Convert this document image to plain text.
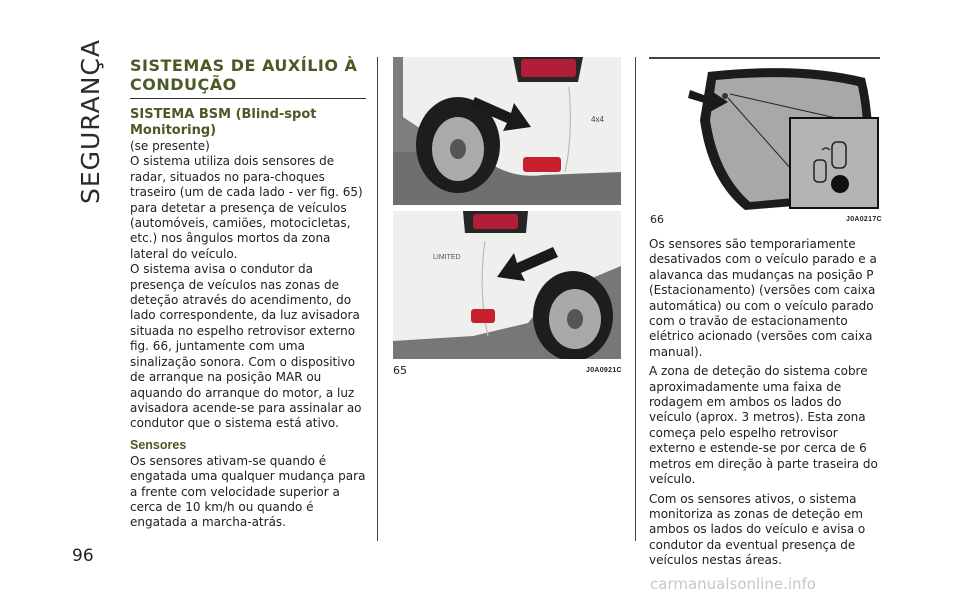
SEGURANÇA
96
SISTEMAS DE AUXÍLIO À CONDUÇÃO
SISTEMA BSM (Blind-spot Monitoring)

(se presente)

O sistema utiliza dois sensores de radar, situados no para-choques traseiro (um de cada lado - ver fig. 65) para detetar a presença de veículos (automóveis, camiões, motocicletas, etc.) nos ângulos mortos da zona lateral do veículo.

O sistema avisa o condutor da presença de veículos nas zonas de deteção através do acendimento, do lado correspondente, da luz avisadora situada no espelho retrovisor externo fig. 66, juntamente com uma sinalização sonora. Com o dispositivo de arranque na posição MAR ou aquando do arranque do motor, a luz avisadora acende-se para assinalar ao condutor que o sistema está ativo.

Sensores

Os sensores ativam-se quando é engatada uma qualquer mudança para a frente com velocidade superior a cerca de 10 km/h ou quando é engatada a marcha-atrás.

4x4
LIMITED
65	J0A0921C
66	J0A0217C

Os sensores são temporariamente desativados com o veículo parado e a alavanca das mudanças na posição P (Estacionamento) (versões com caixa automática) ou com o veículo parado com o travão de estacionamento elétrico acionado (versões com caixa manual).

A zona de deteção do sistema cobre aproximadamente uma faixa de rodagem em ambos os lados do veículo (aprox. 3 metros). Esta zona começa pelo espelho retrovisor externo e estende-se por cerca de 6 metros em direção à parte traseira do veículo.

Com os sensores ativos, o sistema monitoriza as zonas de deteção em ambos os lados do veículo e avisa o condutor da eventual presença de veículos nestas áreas.

carmanualsonline.info
